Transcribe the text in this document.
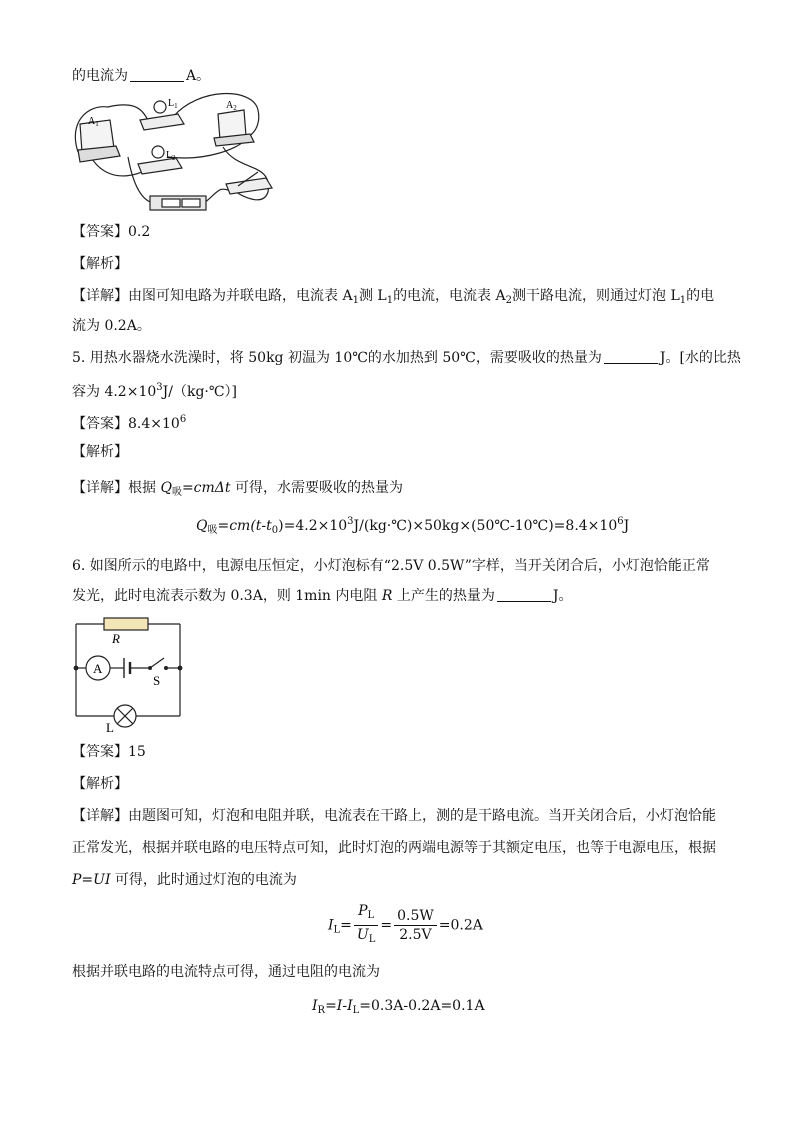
的电流为	A。
$A_1$
$A_2$
$L_1$
$L_2$
【答案】0.2
【解析】
【详解】由图可知电路为并联电路，电流表 $A_1$测 $L_1$的电流，电流表 $A_2$测干路电流，则通过灯泡 $L_1$的电
流为 0.2A。
5. 用热水器烧水洗澡时，将 50kg 初温为 10℃的水加热到 50℃，需要吸收的热量为	J。[水的比热
容为 $4.2\times 10^3J/(kg\cdot℃)$]
【答案】$8.4\times 10^6$
【解析】
【详解】根据 $Q_吸=cm\Delta t$ 可得，水需要吸收的热量为
$Q_吸=cm(t-t_0)=4.2\times 10^3J/(kg\cdot℃)\times 50kg\times(50℃-10℃)=8.4\times 10^6J$
6. 如图所示的电路中，电源电压恒定，小灯泡标有“2.5V 0.5W”字样，当开关闭合后，小灯泡恰能正常
发光，此时电流表示数为 0.3A，则 1min 内电阻 R 上产生的热量为	J。
R
A
S
L
【答案】15
【解析】
【详解】由题图可知，灯泡和电阻并联，电流表在干路上，测的是干路电流。当开关闭合后，小灯泡恰能
正常发光，根据并联电路的电压特点可知，此时灯泡的两端电源等于其额定电压，也等于电源电压，根据
P=UI 可得，此时通过灯泡的电流为
$I_L= \frac{P_L}{U_L} = \frac{0.5W}{2.5V} =0.2A$
根据并联电路的电流特点可得，通过电阻的电流为
$I_R=I-I_L=0.3A-0.2A=0.1A$
